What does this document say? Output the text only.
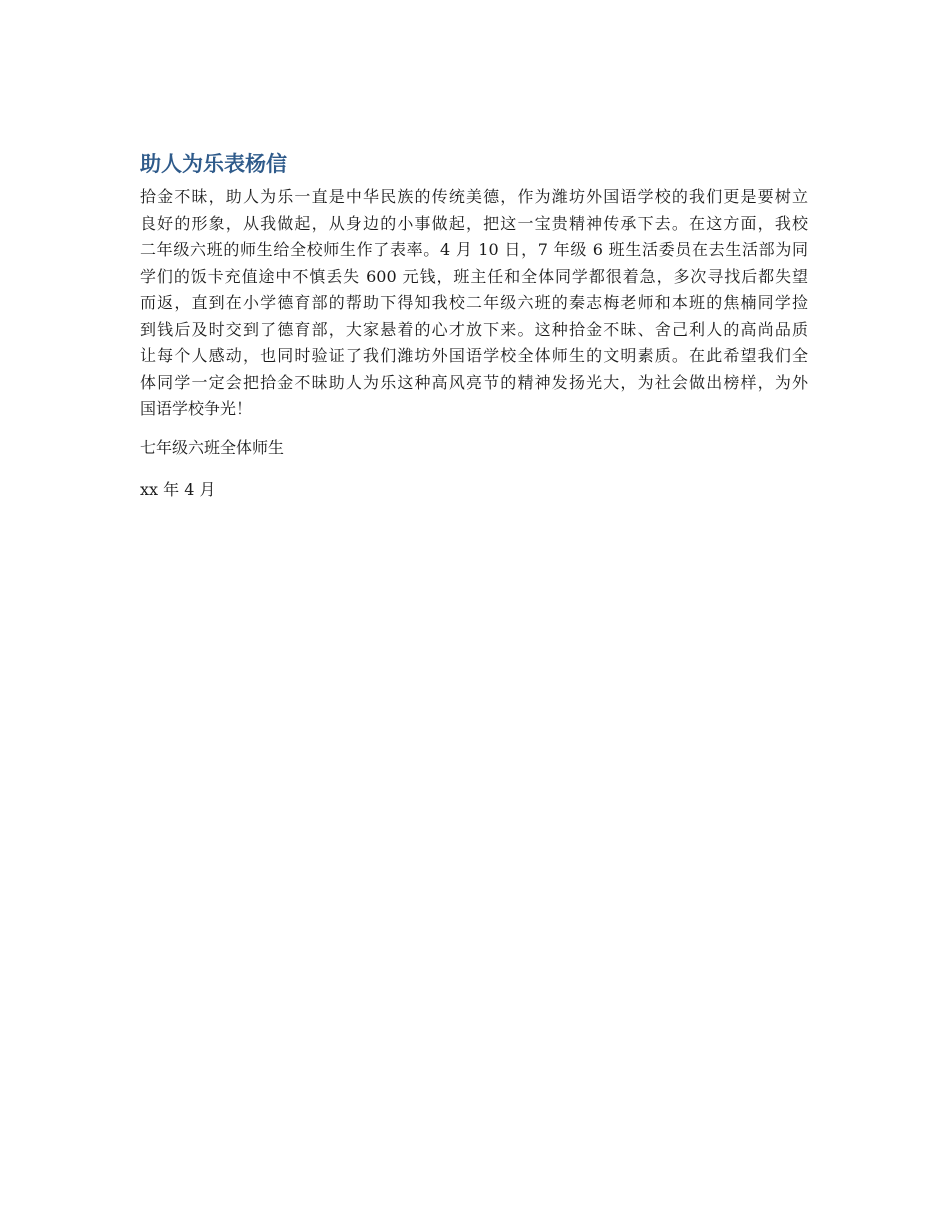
助人为乐表杨信
拾金不昧，助人为乐一直是中华民族的传统美德，作为潍坊外国语学校的我们更是要树立
良好的形象，从我做起，从身边的小事做起，把这一宝贵精神传承下去。在这方面，我校
二年级六班的师生给全校师生作了表率。4 月 10 日，7 年级 6 班生活委员在去生活部为同
学们的饭卡充值途中不慎丢失 600 元钱，班主任和全体同学都很着急，多次寻找后都失望
而返，直到在小学德育部的帮助下得知我校二年级六班的秦志梅老师和本班的焦楠同学捡
到钱后及时交到了德育部，大家悬着的心才放下来。这种拾金不昧、舍己利人的高尚品质
让每个人感动，也同时验证了我们潍坊外国语学校全体师生的文明素质。在此希望我们全
体同学一定会把拾金不昧助人为乐这种高风亮节的精神发扬光大，为社会做出榜样，为外
国语学校争光！

七年级六班全体师生

xx 年 4 月
